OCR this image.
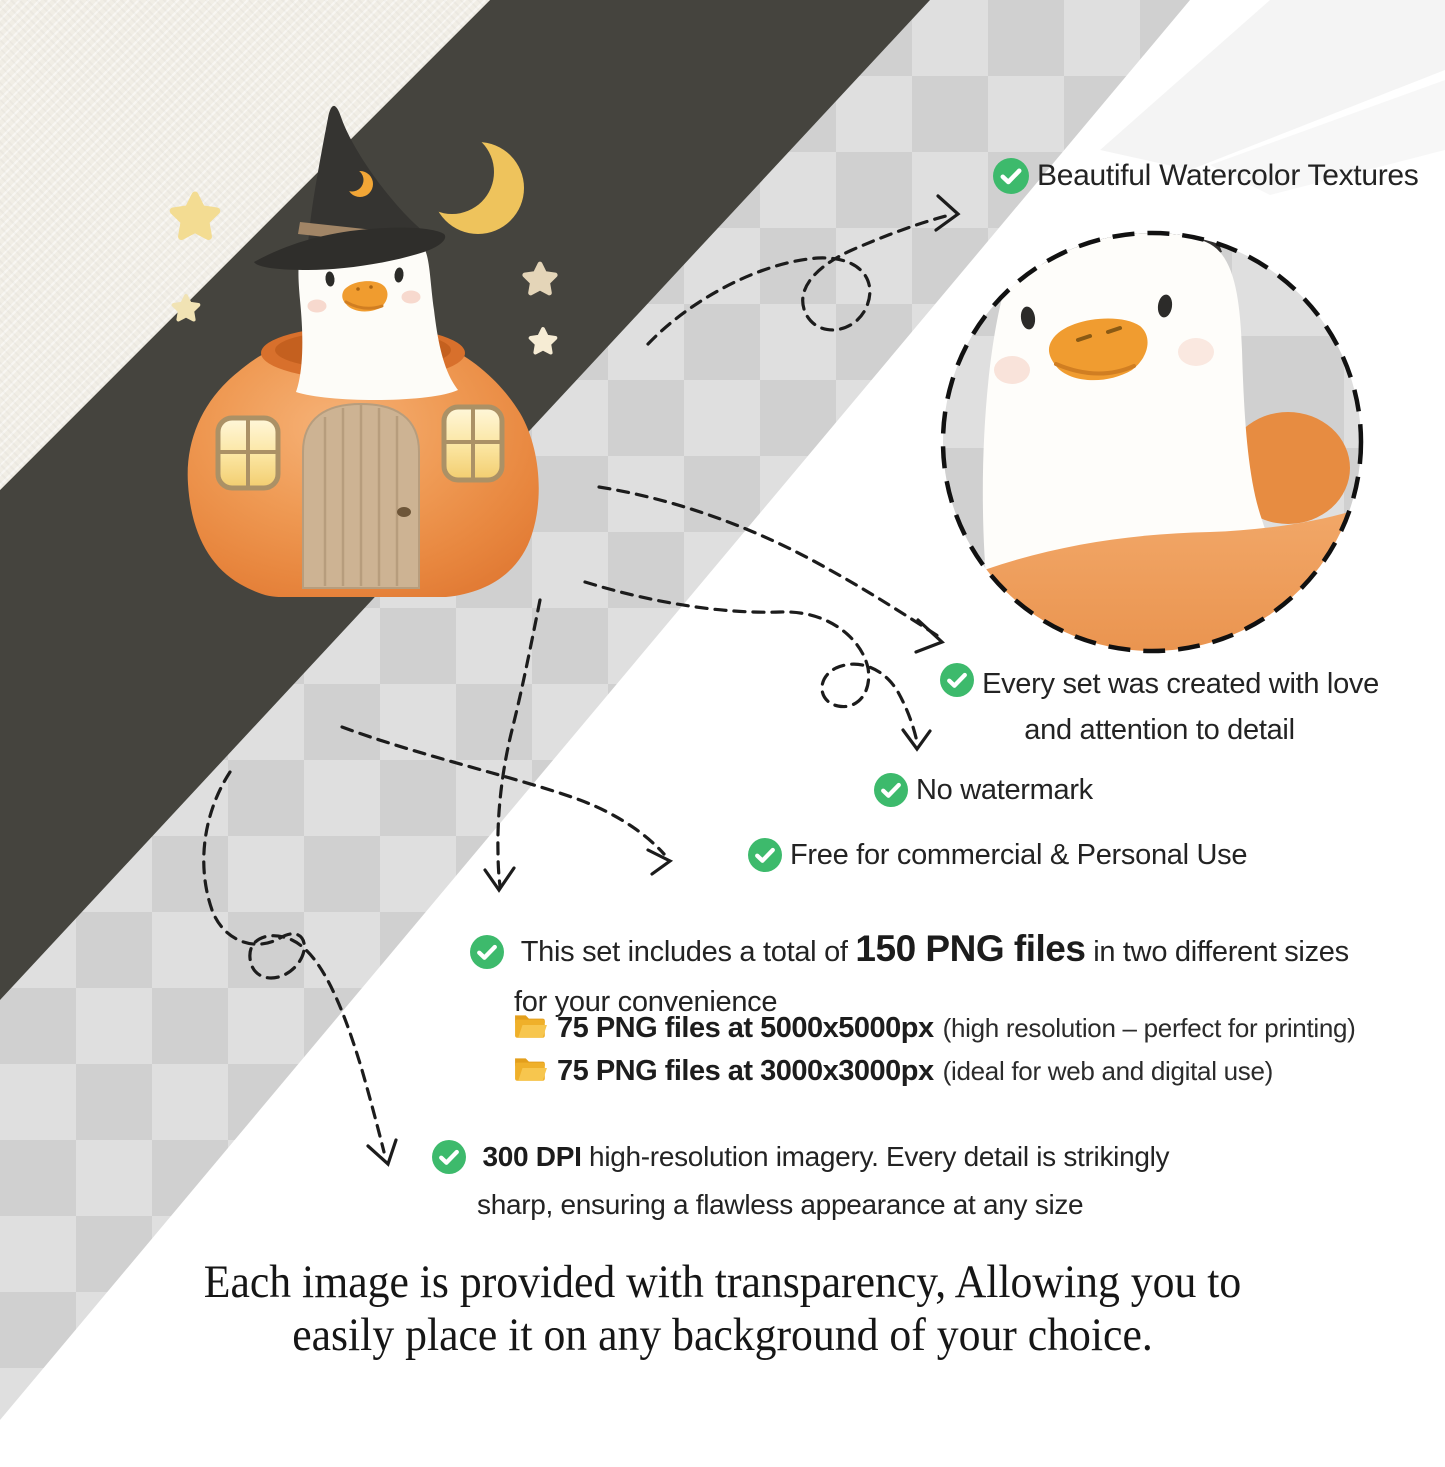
Beautiful Watercolor Textures
Every set was created with love
and attention to detail
No watermark
Free for commercial & Personal Use
This set includes a total of 150 PNG files in two different sizes
for your convenience
75 PNG files at 5000x5000px (high resolution – perfect for printing)
75 PNG files at 3000x3000px (ideal for web and digital use)
300 DPI high-resolution imagery. Every detail is strikingly
sharp, ensuring a flawless appearance at any size
Each image is provided with transparency, Allowing you to
easily place it on any background of your choice.
